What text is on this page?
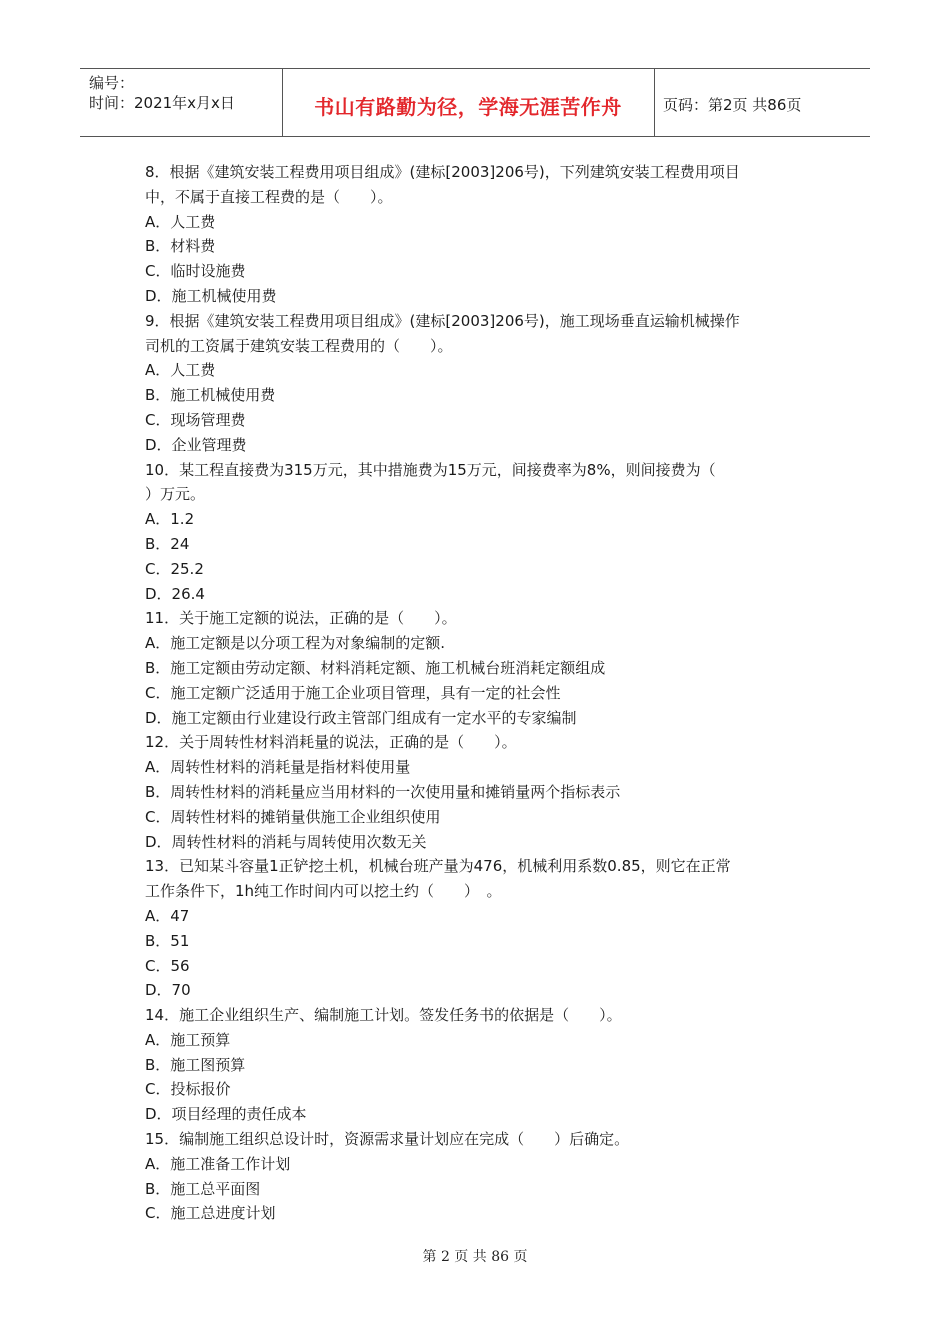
编号：
时间：2021年x月x日	书山有路勤为径，学海无涯苦作舟	页码：第2页 共86页
8．根据《建筑安装工程费用项目组成》(建标[2003]206号)，下列建筑安装工程费用项目
中，不属于直接工程费的是（　　）。
A．人工费
B．材料费
C．临时设施费
D．施工机械使用费
9．根据《建筑安装工程费用项目组成》(建标[2003]206号)，施工现场垂直运输机械操作
司机的工资属于建筑安装工程费用的（　　）。
A．人工费
B．施工机械使用费
C．现场管理费
D．企业管理费
10．某工程直接费为315万元，其中措施费为15万元，间接费率为8%，则间接费为（
）万元。
A．1.2
B．24
C．25.2
D．26.4
11．关于施工定额的说法，正确的是（　　）。
A．施工定额是以分项工程为对象编制的定额.
B．施工定额由劳动定额、材料消耗定额、施工机械台班消耗定额组成
C．施工定额广泛适用于施工企业项目管理，具有一定的社会性
D．施工定额由行业建设行政主管部门组成有一定水平的专家编制
12．关于周转性材料消耗量的说法，正确的是（　　）。
A．周转性材料的消耗量是指材料使用量
B．周转性材料的消耗量应当用材料的一次使用量和摊销量两个指标表示
C．周转性材料的摊销量供施工企业组织使用
D．周转性材料的消耗与周转使用次数无关
13．已知某斗容量1正铲挖土机，机械台班产量为476，机械利用系数0.85，则它在正常
工作条件下，1h纯工作时间内可以挖土约（　　）　。
A．47
B．51
C．56
D．70
14．施工企业组织生产、编制施工计划。签发任务书的依据是（　　）。
A．施工预算
B．施工图预算
C．投标报价
D．项目经理的责任成本
15．编制施工组织总设计时，资源需求量计划应在完成（　　）后确定。
A．施工准备工作计划
B．施工总平面图
C．施工总进度计划
第 2 页 共 86 页
